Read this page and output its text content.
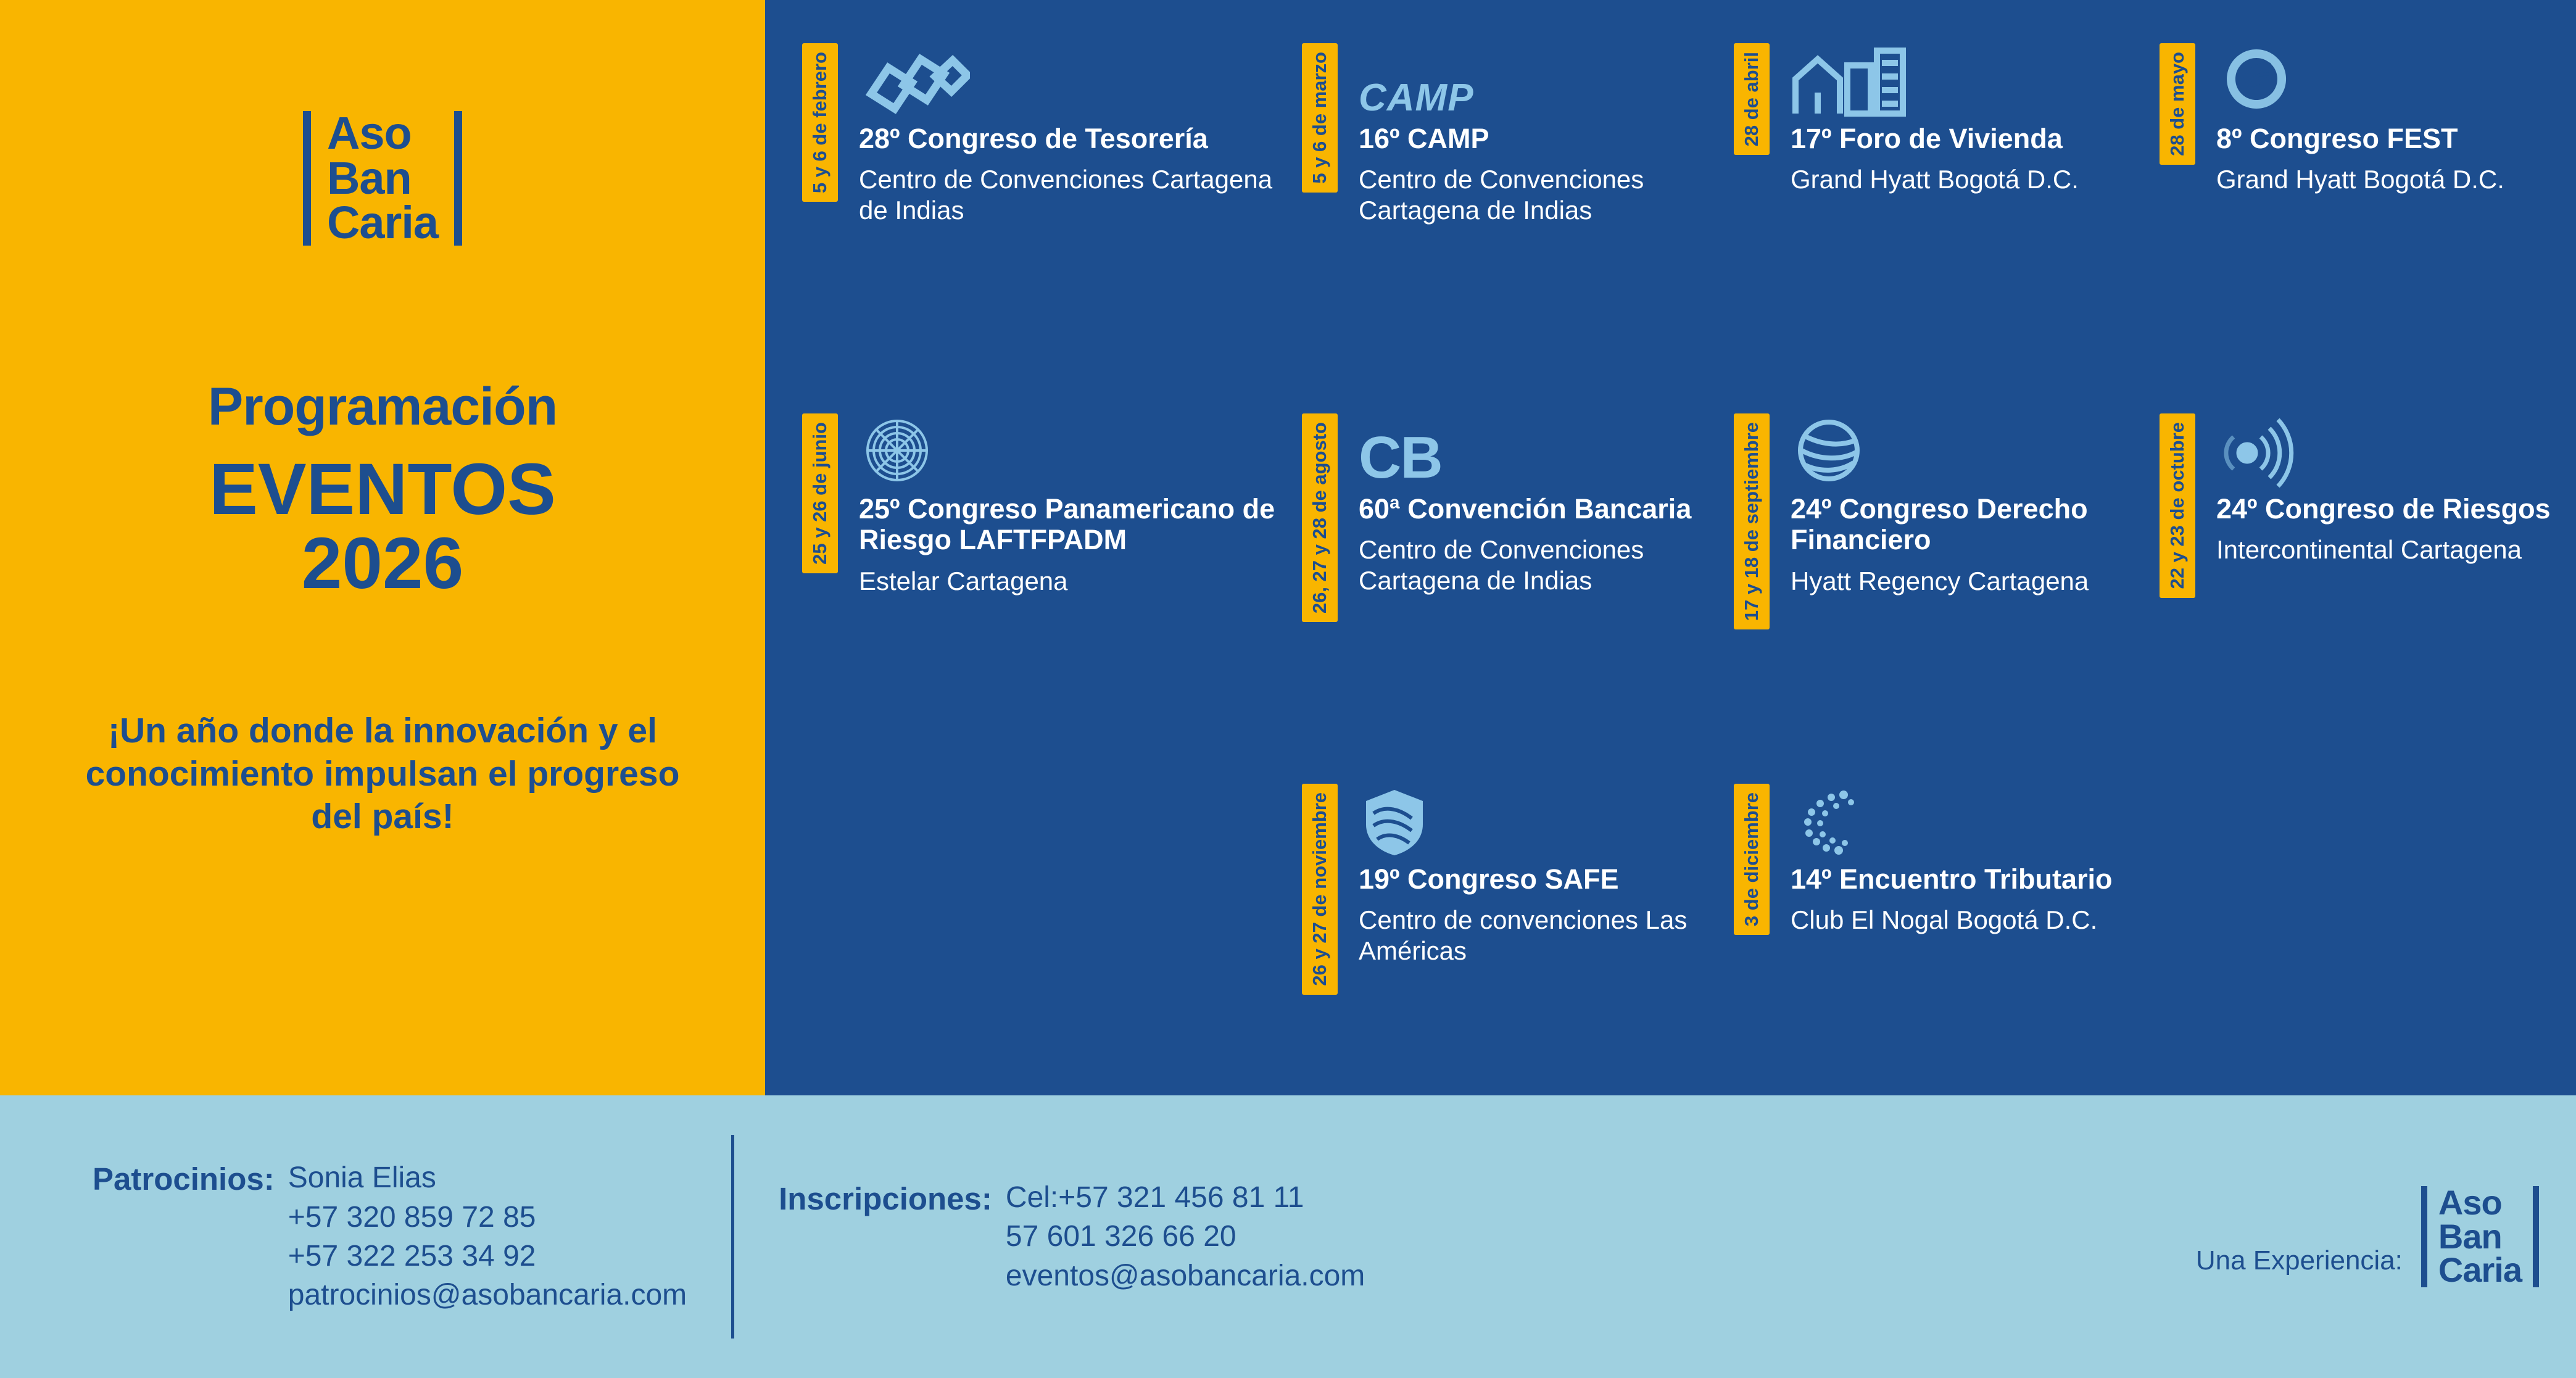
Aso
Ban
Caria
Programación
EVENTOS
2026
¡Un año donde la innovación y el conocimiento impulsan el progreso del país!
5 y 6 de febrero 28º Congreso de Tesorería
Centro de Convenciones Cartagena de Indias
5 y 6 de marzo CAMP
16º CAMP
Centro de Convenciones Cartagena de Indias
28 de abril 17º Foro de Vivienda
Grand Hyatt Bogotá D.C.
28 de mayo 8º Congreso FEST
Grand Hyatt Bogotá D.C.
25 y 26 de junio 25º Congreso Panamericano de Riesgo LAFTFPADM
Estelar Cartagena	26, 27 y 28 de agosto CB
60ª Convención Bancaria
Centro de Convenciones Cartagena de Indias	17 y 18 de septiembre 24º Congreso Derecho Financiero
Hyatt Regency Cartagena	22 y 23 de octubre 24º Congreso de Riesgos
Intercontinental Cartagena
26 y 27 de noviembre 19º Congreso SAFE
Centro de convenciones Las Américas
3 de diciembre 14º Encuentro Tributario
Club El Nogal Bogotá D.C.
Patrocinios: Sonia Elias
+57 320 859 72 85
+57 322 253 34 92
patrocinios@asobancaria.com
Inscripciones: Cel:+57 321 456 81 11
57 601 326 66 20
eventos@asobancaria.com	Una Experiencia:
Aso
Ban
Caria
